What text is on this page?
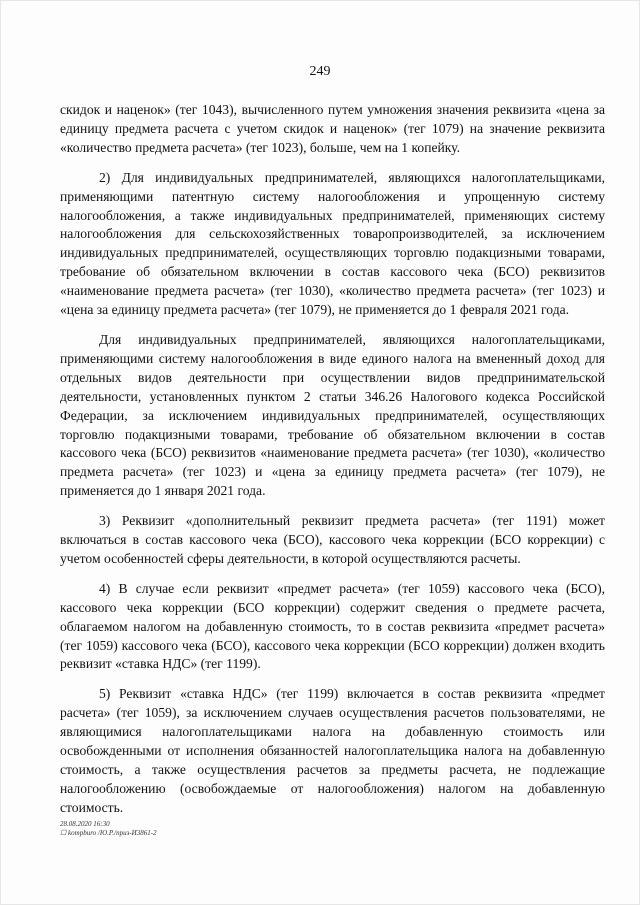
249

скидок и наценок» (тег 1043), вычисленного путем умножения значения реквизита «цена за единицу предмета расчета с учетом скидок и наценок» (тег 1079) на значение реквизита «количество предмета расчета» (тег 1023), больше, чем на 1 копейку.

2) Для индивидуальных предпринимателей, являющихся налогоплательщиками, применяющими патентную систему налогообложения и упрощенную систему налогообложения, а также индивидуальных предпринимателей, применяющих систему налогообложения для сельскохозяйственных товаропроизводителей, за исключением индивидуальных предпринимателей, осуществляющих торговлю подакцизными товарами, требование об обязательном включении в состав кассового чека (БСО) реквизитов «наименование предмета расчета» (тег 1030), «количество предмета расчета» (тег 1023) и «цена за единицу предмета расчета» (тег 1079), не применяется до 1 февраля 2021 года.

Для индивидуальных предпринимателей, являющихся налогоплательщиками, применяющими систему налогообложения в виде единого налога на вмененный доход для отдельных видов деятельности при осуществлении видов предпринимательской деятельности, установленных пунктом 2 статьи 346.26 Налогового кодекса Российской Федерации, за исключением индивидуальных предпринимателей, осуществляющих торговлю подакцизными товарами, требование об обязательном включении в состав кассового чека (БСО) реквизитов «наименование предмета расчета» (тег 1030), «количество предмета расчета» (тег 1023) и «цена за единицу предмета расчета» (тег 1079), не применяется до 1 января 2021 года.

3) Реквизит «дополнительный реквизит предмета расчета» (тег 1191) может включаться в состав кассового чека (БСО), кассового чека коррекции (БСО коррекции) с учетом особенностей сферы деятельности, в которой осуществляются расчеты.

4) В случае если реквизит «предмет расчета» (тег 1059) кассового чека (БСО), кассового чека коррекции (БСО коррекции) содержит сведения о предмете расчета, облагаемом налогом на добавленную стоимость, то в состав реквизита «предмет расчета» (тег 1059) кассового чека (БСО), кассового чека коррекции (БСО коррекции) должен входить реквизит «ставка НДС» (тег 1199).

5) Реквизит «ставка НДС» (тег 1199) включается в состав реквизита «предмет расчета» (тег 1059), за исключением случаев осуществления расчетов пользователями, не являющимися налогоплательщиками налога на добавленную стоимость или освобожденными от исполнения обязанностей налогоплательщика налога на добавленную стоимость, а также осуществления расчетов за предметы расчета, не подлежащие налогообложению (освобождаемые от налогообложения) налогом на добавленную стоимость.

28.08.2020 16:30
☐ kompburo /Ю.Р./приз-И3861-2
